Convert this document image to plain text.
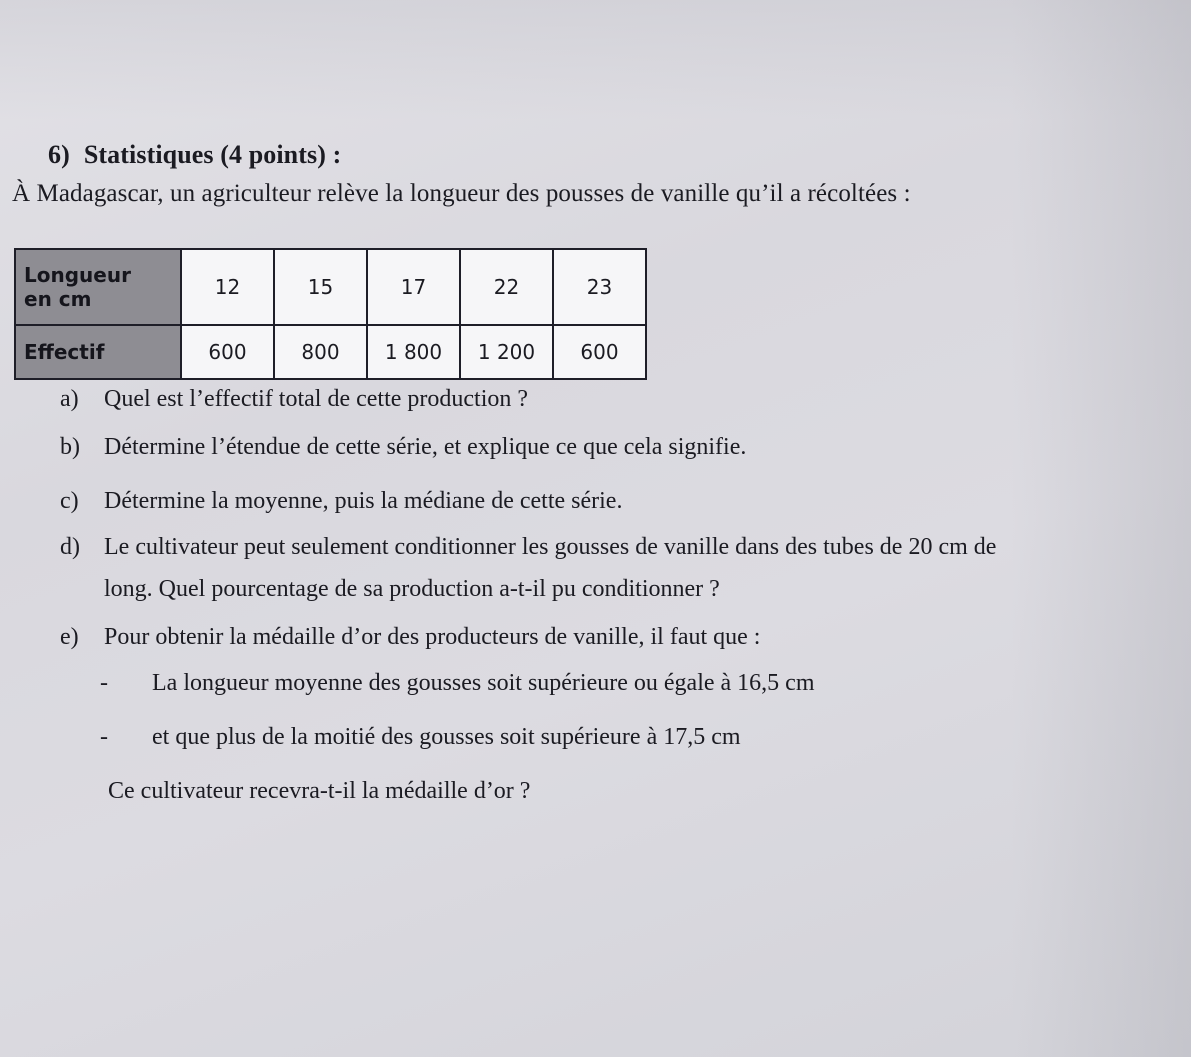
6) Statistiques (4 points) :
À Madagascar, un agriculteur relève la longueur des pousses de vanille qu’il a récoltées :
Longueur
en cm	12	15	17	22	23
Effectif	600	800	1 800	1 200	600
a) Quel est l’effectif total de cette production ?
b) Détermine l’étendue de cette série, et explique ce que cela signifie.
c) Détermine la moyenne, puis la médiane de cette série.
d) Le cultivateur peut seulement conditionner les gousses de vanille dans des tubes de 20 cm de
long. Quel pourcentage de sa production a-t-il pu conditionner ?
e) Pour obtenir la médaille d’or des producteurs de vanille, il faut que :
- La longueur moyenne des gousses soit supérieure ou égale à 16,5 cm
- et que plus de la moitié des gousses soit supérieure à 17,5 cm
Ce cultivateur recevra-t-il la médaille d’or ?
